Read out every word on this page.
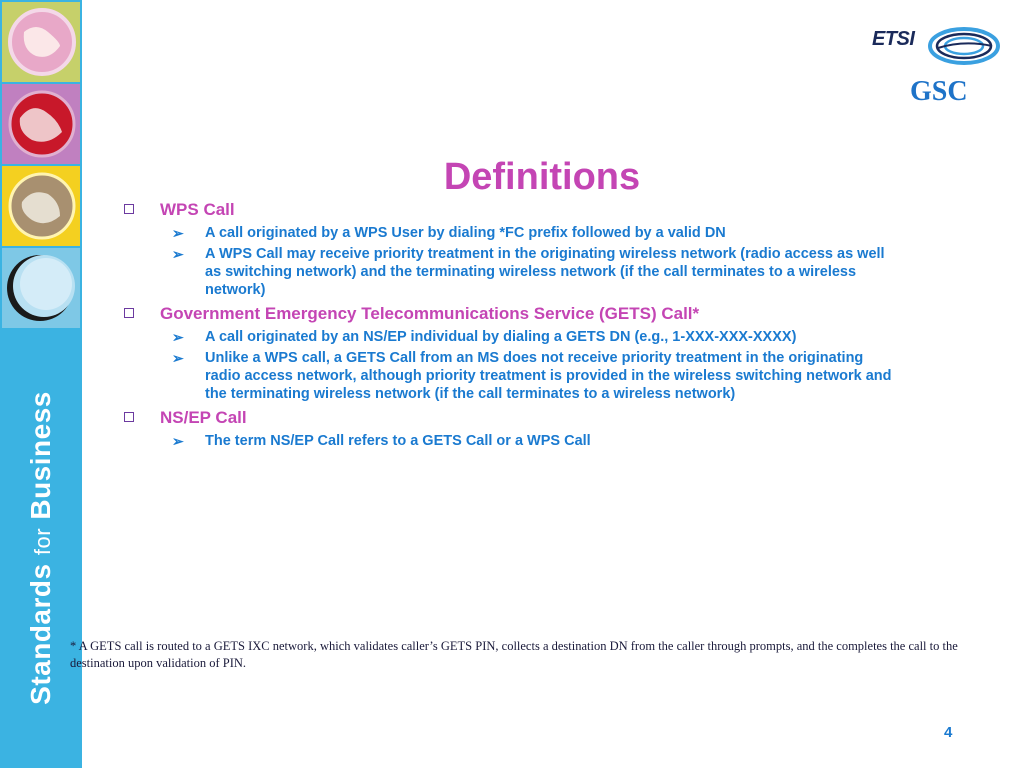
Standards for Business
ETSI
GSC
Definitions
WPS Call
➢ A call originated by a WPS User by dialing *FC prefix followed by a valid DN
➢ A WPS Call may receive priority treatment in the originating wireless network (radio access as well as switching network) and the terminating wireless network (if the call terminates to a wireless network)
Government Emergency Telecommunications Service (GETS) Call*
➢ A call originated by an NS/EP individual by dialing a GETS DN (e.g., 1-XXX-XXX-XXXX)
➢ Unlike a WPS call, a GETS Call from an MS does not receive priority treatment in the originating radio access network, although priority treatment is provided in the wireless switching network and the terminating wireless network (if the call terminates to a wireless network)
NS/EP Call
➢ The term NS/EP Call refers to a GETS Call or a WPS Call
* A GETS call is routed to a GETS IXC network, which validates caller’s GETS PIN, collects a destination DN from the caller through prompts, and the completes the call to the destination upon validation of PIN.
4
